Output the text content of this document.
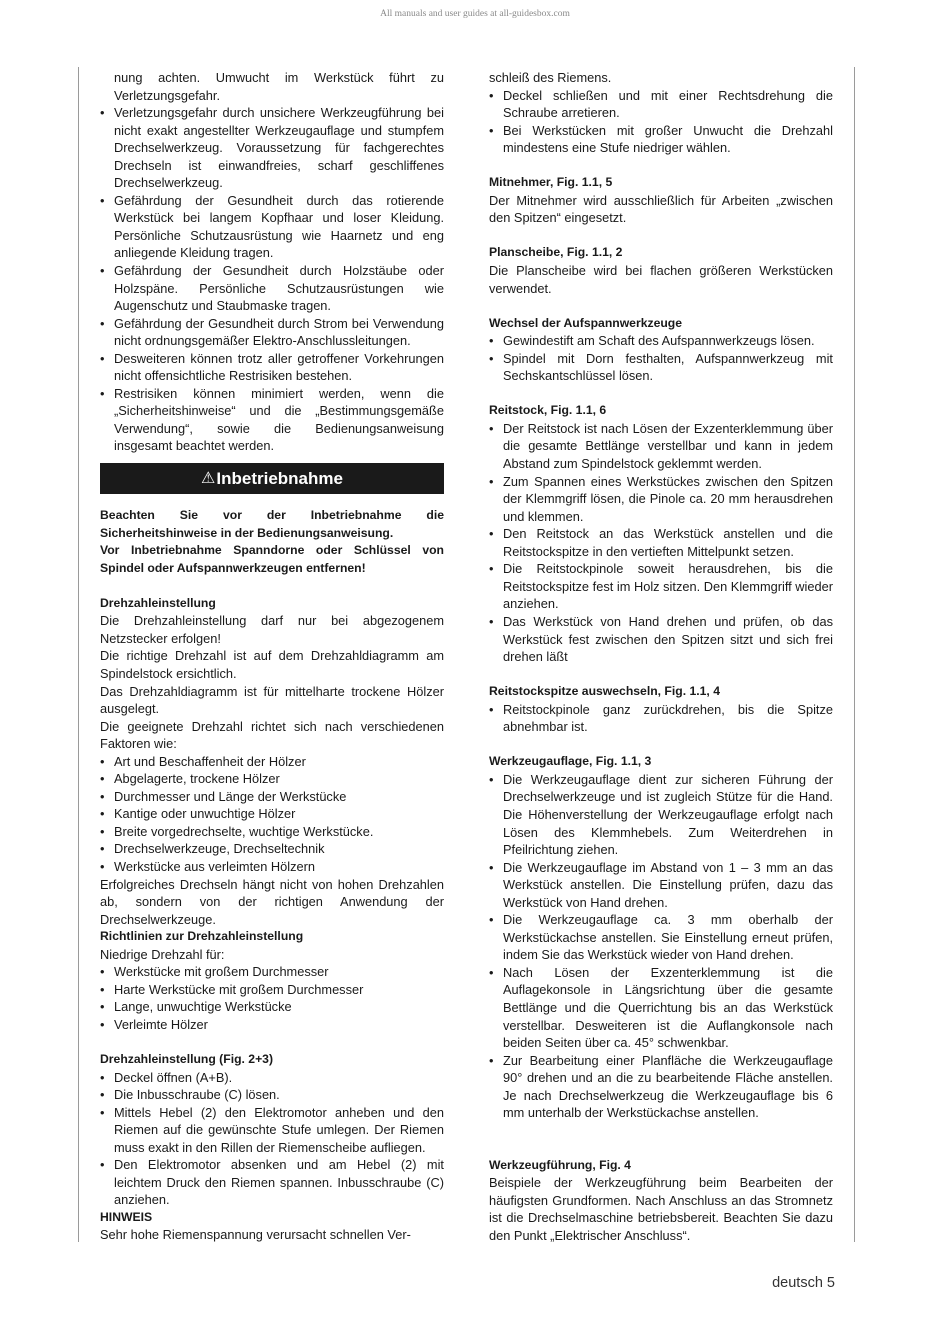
All manuals and user guides at all-guidesbox.com

nung achten. Umwucht im Werkstück führt zu Verletzungsgefahr.

• Verletzungsgefahr durch unsichere Werkzeugführung bei nicht exakt angestellter Werkzeugauflage und stumpfem Drechselwerkzeug. Voraussetzung für fachgerechtes Drechseln ist einwandfreies, scharf geschliffenes Drechselwerkzeug.
• Gefährdung der Gesundheit durch das rotierende Werkstück bei langem Kopfhaar und loser Kleidung. Persönliche Schutzausrüstung wie Haarnetz und eng anliegende Kleidung tragen.
• Gefährdung der Gesundheit durch Holzstäube oder Holzspäne. Persönliche Schutzausrüstungen wie Augenschutz und Staubmaske tragen.
• Gefährdung der Gesundheit durch Strom bei Verwendung nicht ordnungsgemäßer Elektro-Anschlussleitungen.
• Desweiteren können trotz aller getroffener Vorkehrungen nicht offensichtliche Restrisiken bestehen.
• Restrisiken können minimiert werden, wenn die „Sicherheitshinweise“ und die „Bestimmungsgemäße Verwendung“, sowie die Bedienungsanweisung insgesamt beachtet werden.
⚠ Inbetriebnahme

Beachten Sie vor der Inbetriebnahme die Sicherheitshinweise in der Bedienungsanweisung.

Vor Inbetriebnahme Spanndorne oder Schlüssel von Spindel oder Aufspannwerkzeugen entfernen!

Drehzahleinstellung

Die Drehzahleinstellung darf nur bei abgezogenem Netzstecker erfolgen!

Die richtige Drehzahl ist auf dem Drehzahldiagramm am Spindelstock ersichtlich.

Das Drehzahldiagramm ist für mittelharte trockene Hölzer ausgelegt.

Die geeignete Drehzahl richtet sich nach verschiedenen Faktoren wie:

• Art und Beschaffenheit der Hölzer
• Abgelagerte, trockene Hölzer
• Durchmesser und Länge der Werkstücke
• Kantige oder unwuchtige Hölzer
• Breite vorgedrechselte, wuchtige Werkstücke.
• Drechselwerkzeuge, Drechseltechnik
• Werkstücke aus verleimten Hölzern

Erfolgreiches Drechseln hängt nicht von hohen Drehzahlen ab, sondern von der richtigen Anwendung der Drechselwerkzeuge.

Richtlinien zur Drehzahleinstellung

Niedrige Drehzahl für:

• Werkstücke mit großem Durchmesser
• Harte Werkstücke mit großem Durchmesser
• Lange, unwuchtige Werkstücke
• Verleimte Hölzer

Drehzahleinstellung (Fig. 2+3)

• Deckel öffnen (A+B).
• Die Inbusschraube (C) lösen.
• Mittels Hebel (2) den Elektromotor anheben und den Riemen auf die gewünschte Stufe umlegen. Der Riemen muss exakt in den Rillen der Riemenscheibe aufliegen.
• Den Elektromotor absenken und am Hebel (2) mit leichtem Druck den Riemen spannen. Inbusschraube (C) anziehen.

HINWEIS

Sehr hohe Riemenspannung verursacht schnellen Ver-

schleiß des Riemens.

• Deckel schließen und mit einer Rechtsdrehung die Schraube arretieren.
• Bei Werkstücken mit großer Unwucht die Drehzahl mindestens eine Stufe niedriger wählen.

Mitnehmer, Fig. 1.1, 5

Der Mitnehmer wird ausschließlich für Arbeiten „zwischen den Spitzen“ eingesetzt.

Planscheibe, Fig. 1.1, 2

Die Planscheibe wird bei flachen größeren Werkstücken verwendet.

Wechsel der Aufspannwerkzeuge

• Gewindestift am Schaft des Aufspannwerkzeugs lösen.
• Spindel mit Dorn festhalten, Aufspannwerkzeug mit Sechskantschlüssel lösen.

Reitstock, Fig. 1.1, 6

• Der Reitstock ist nach Lösen der Exzenterklemmung über die gesamte Bettlänge verstellbar und kann in jedem Abstand zum Spindelstock geklemmt werden.
• Zum Spannen eines Werkstückes zwischen den Spitzen der Klemmgriff lösen, die Pinole ca. 20 mm herausdrehen und klemmen.
• Den Reitstock an das Werkstück anstellen und die Reitstockspitze in den vertieften Mittelpunkt setzen.
• Die Reitstockpinole soweit herausdrehen, bis die Reitstockspitze fest im Holz sitzen. Den Klemmgriff wieder anziehen.
• Das Werkstück von Hand drehen und prüfen, ob das Werkstück fest zwischen den Spitzen sitzt und sich frei drehen läßt

Reitstockspitze auswechseln, Fig. 1.1, 4

• Reitstockpinole ganz zurückdrehen, bis die Spitze abnehmbar ist.

Werkzeugauflage, Fig. 1.1, 3

• Die Werkzeugauflage dient zur sicheren Führung der Drechselwerkzeuge und ist zugleich Stütze für die Hand. Die Höhenverstellung der Werkzeugauflage erfolgt nach Lösen des Klemmhebels. Zum Weiterdrehen in Pfeilrichtung ziehen.
• Die Werkzeugauflage im Abstand von 1 – 3 mm an das Werkstück anstellen. Die Einstellung prüfen, dazu das Werkstück von Hand drehen.
• Die Werkzeugauflage ca. 3 mm oberhalb der Werkstückachse anstellen. Sie Einstellung erneut prüfen, indem Sie das Werkstück wieder von Hand drehen.
• Nach Lösen der Exzenterklemmung ist die Auflagekonsole in Längsrichtung über die gesamte Bettlänge und die Querrichtung bis an das Werkstück verstellbar. Desweiteren ist die Auflangkonsole nach beiden Seiten über ca. 45° schwenkbar.
• Zur Bearbeitung einer Planfläche die Werkzeugauflage 90° drehen und an die zu bearbeitende Fläche anstellen. Je nach Drechselwerkzeug die Werkzeugauflage bis 6 mm unterhalb der Werkstückachse anstellen.

Werkzeugführung, Fig. 4

Beispiele der Werkzeugführung beim Bearbeiten der häufigsten Grundformen. Nach Anschluss an das Stromnetz ist die Drechselmaschine betriebsbereit. Beachten Sie dazu den Punkt „Elektrischer Anschluss“.

deutsch 5
